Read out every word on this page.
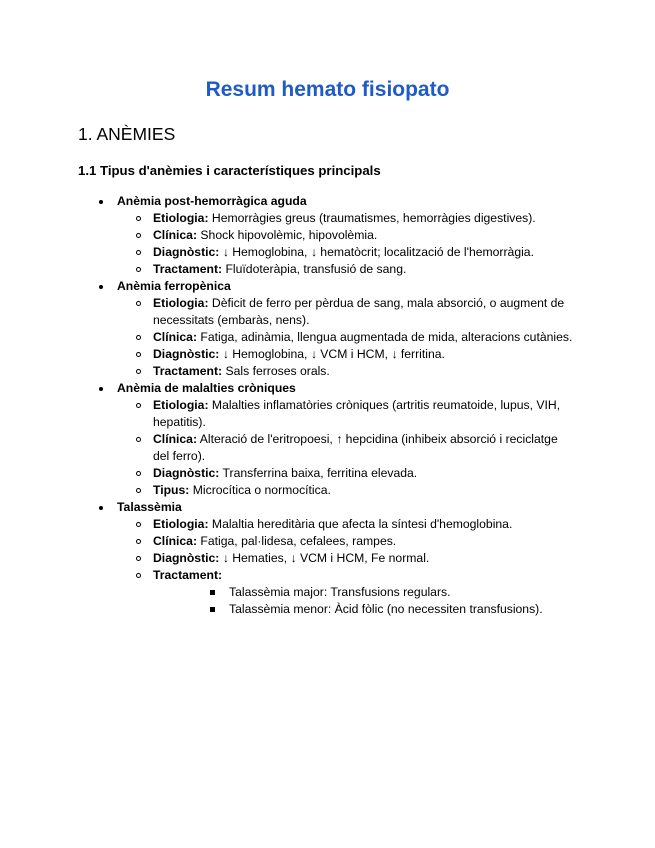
Resum hemato fisiopato
1. ANÈMIES
1.1 Tipus d'anèmies i característiques principals
Anèmia post-hemorràgica aguda
Etiologia: Hemorràgies greus (traumatismes, hemorràgies digestives).
Clínica: Shock hipovolèmic, hipovolèmia.
Diagnòstic: ↓ Hemoglobina, ↓ hematòcrit; localització de l'hemorràgia.
Tractament: Fluïdoteràpia, transfusió de sang.
Anèmia ferropènica
Etiologia: Dèficit de ferro per pèrdua de sang, mala absorció, o augment de necessitats (embaràs, nens).
Clínica: Fatiga, adinàmia, llengua augmentada de mida, alteracions cutànies.
Diagnòstic: ↓ Hemoglobina, ↓ VCM i HCM, ↓ ferritina.
Tractament: Sals ferroses orals.
Anèmia de malalties cròniques
Etiologia: Malalties inflamatòries cròniques (artritis reumatoide, lupus, VIH, hepatitis).
Clínica: Alteració de l'eritropoesi, ↑ hepcidina (inhibeix absorció i reciclatge del ferro).
Diagnòstic: Transferrina baixa, ferritina elevada.
Tipus: Microcítica o normocítica.
Talassèmia
Etiologia: Malaltia hereditària que afecta la síntesi d'hemoglobina.
Clínica: Fatiga, pal·lidesa, cefalees, rampes.
Diagnòstic: ↓ Hematies, ↓ VCM i HCM, Fe normal.
Tractament:
Talassèmia major: Transfusions regulars.
Talassèmia menor: Àcid fòlic (no necessiten transfusions).
